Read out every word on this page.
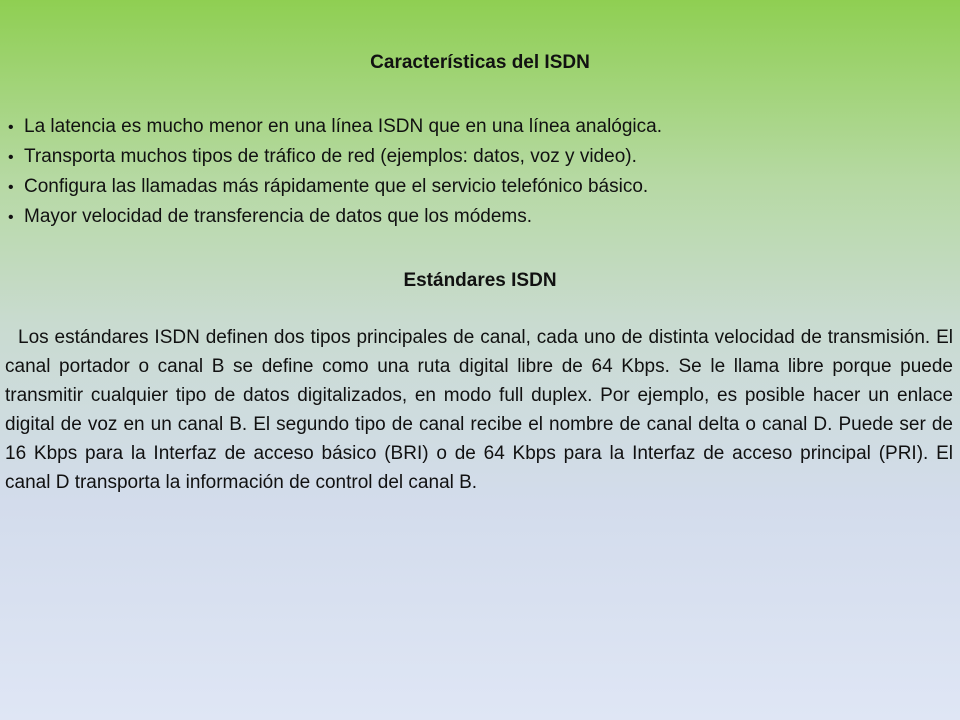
Características del ISDN
• La latencia es mucho menor en una línea ISDN que en una línea analógica.
• Transporta muchos tipos de tráfico de red (ejemplos: datos, voz y video).
• Configura las llamadas más rápidamente que el servicio telefónico básico.
• Mayor velocidad de transferencia de datos que los módems.
Estándares ISDN

Los estándares ISDN definen dos tipos principales de canal, cada uno de distinta velocidad de transmisión. El canal portador o canal B se define como una ruta digital libre de 64 Kbps. Se le llama libre porque puede transmitir cualquier tipo de datos digitalizados, en modo full duplex. Por ejemplo, es posible hacer un enlace digital de voz en un canal B. El segundo tipo de canal recibe el nombre de canal delta o canal D. Puede ser de 16 Kbps para la Interfaz de acceso básico (BRI) o de 64 Kbps para la Interfaz de acceso principal (PRI). El canal D transporta la información de control del canal B.
